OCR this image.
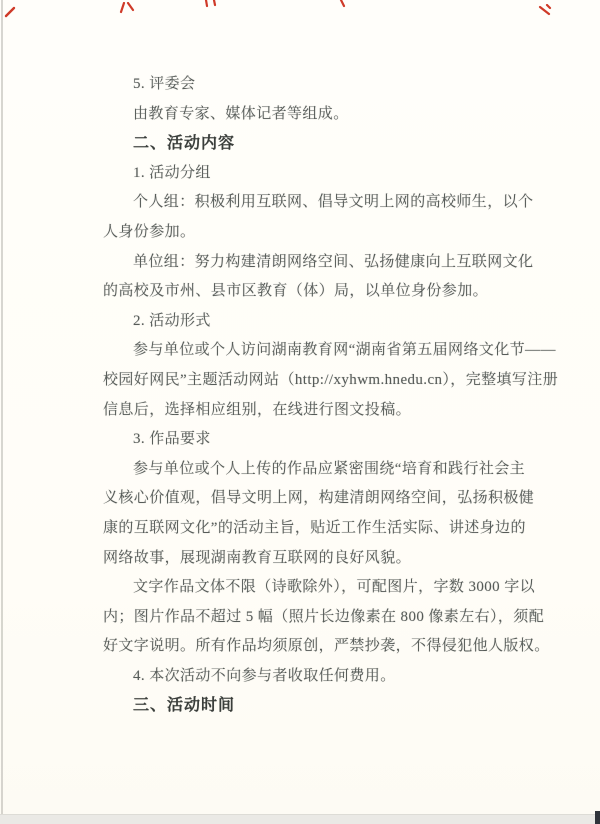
5. 评委会
由教育专家、媒体记者等组成。
二、活动内容
1. 活动分组
个人组：积极利用互联网、倡导文明上网的高校师生，以个
人身份参加。
单位组：努力构建清朗网络空间、弘扬健康向上互联网文化
的高校及市州、县市区教育（体）局，以单位身份参加。
2. 活动形式
参与单位或个人访问湖南教育网“湖南省第五届网络文化节——
校园好网民”主题活动网站（http://xyhwm.hnedu.cn），完整填写注册
信息后，选择相应组别，在线进行图文投稿。
3. 作品要求
参与单位或个人上传的作品应紧密围绕“培育和践行社会主
义核心价值观，倡导文明上网，构建清朗网络空间，弘扬积极健
康的互联网文化”的活动主旨，贴近工作生活实际、讲述身边的
网络故事，展现湖南教育互联网的良好风貌。
文字作品文体不限（诗歌除外），可配图片，字数 3000 字以
内；图片作品不超过 5 幅（照片长边像素在 800 像素左右），须配
好文字说明。所有作品均须原创，严禁抄袭，不得侵犯他人版权。
4. 本次活动不向参与者收取任何费用。
三、活动时间
